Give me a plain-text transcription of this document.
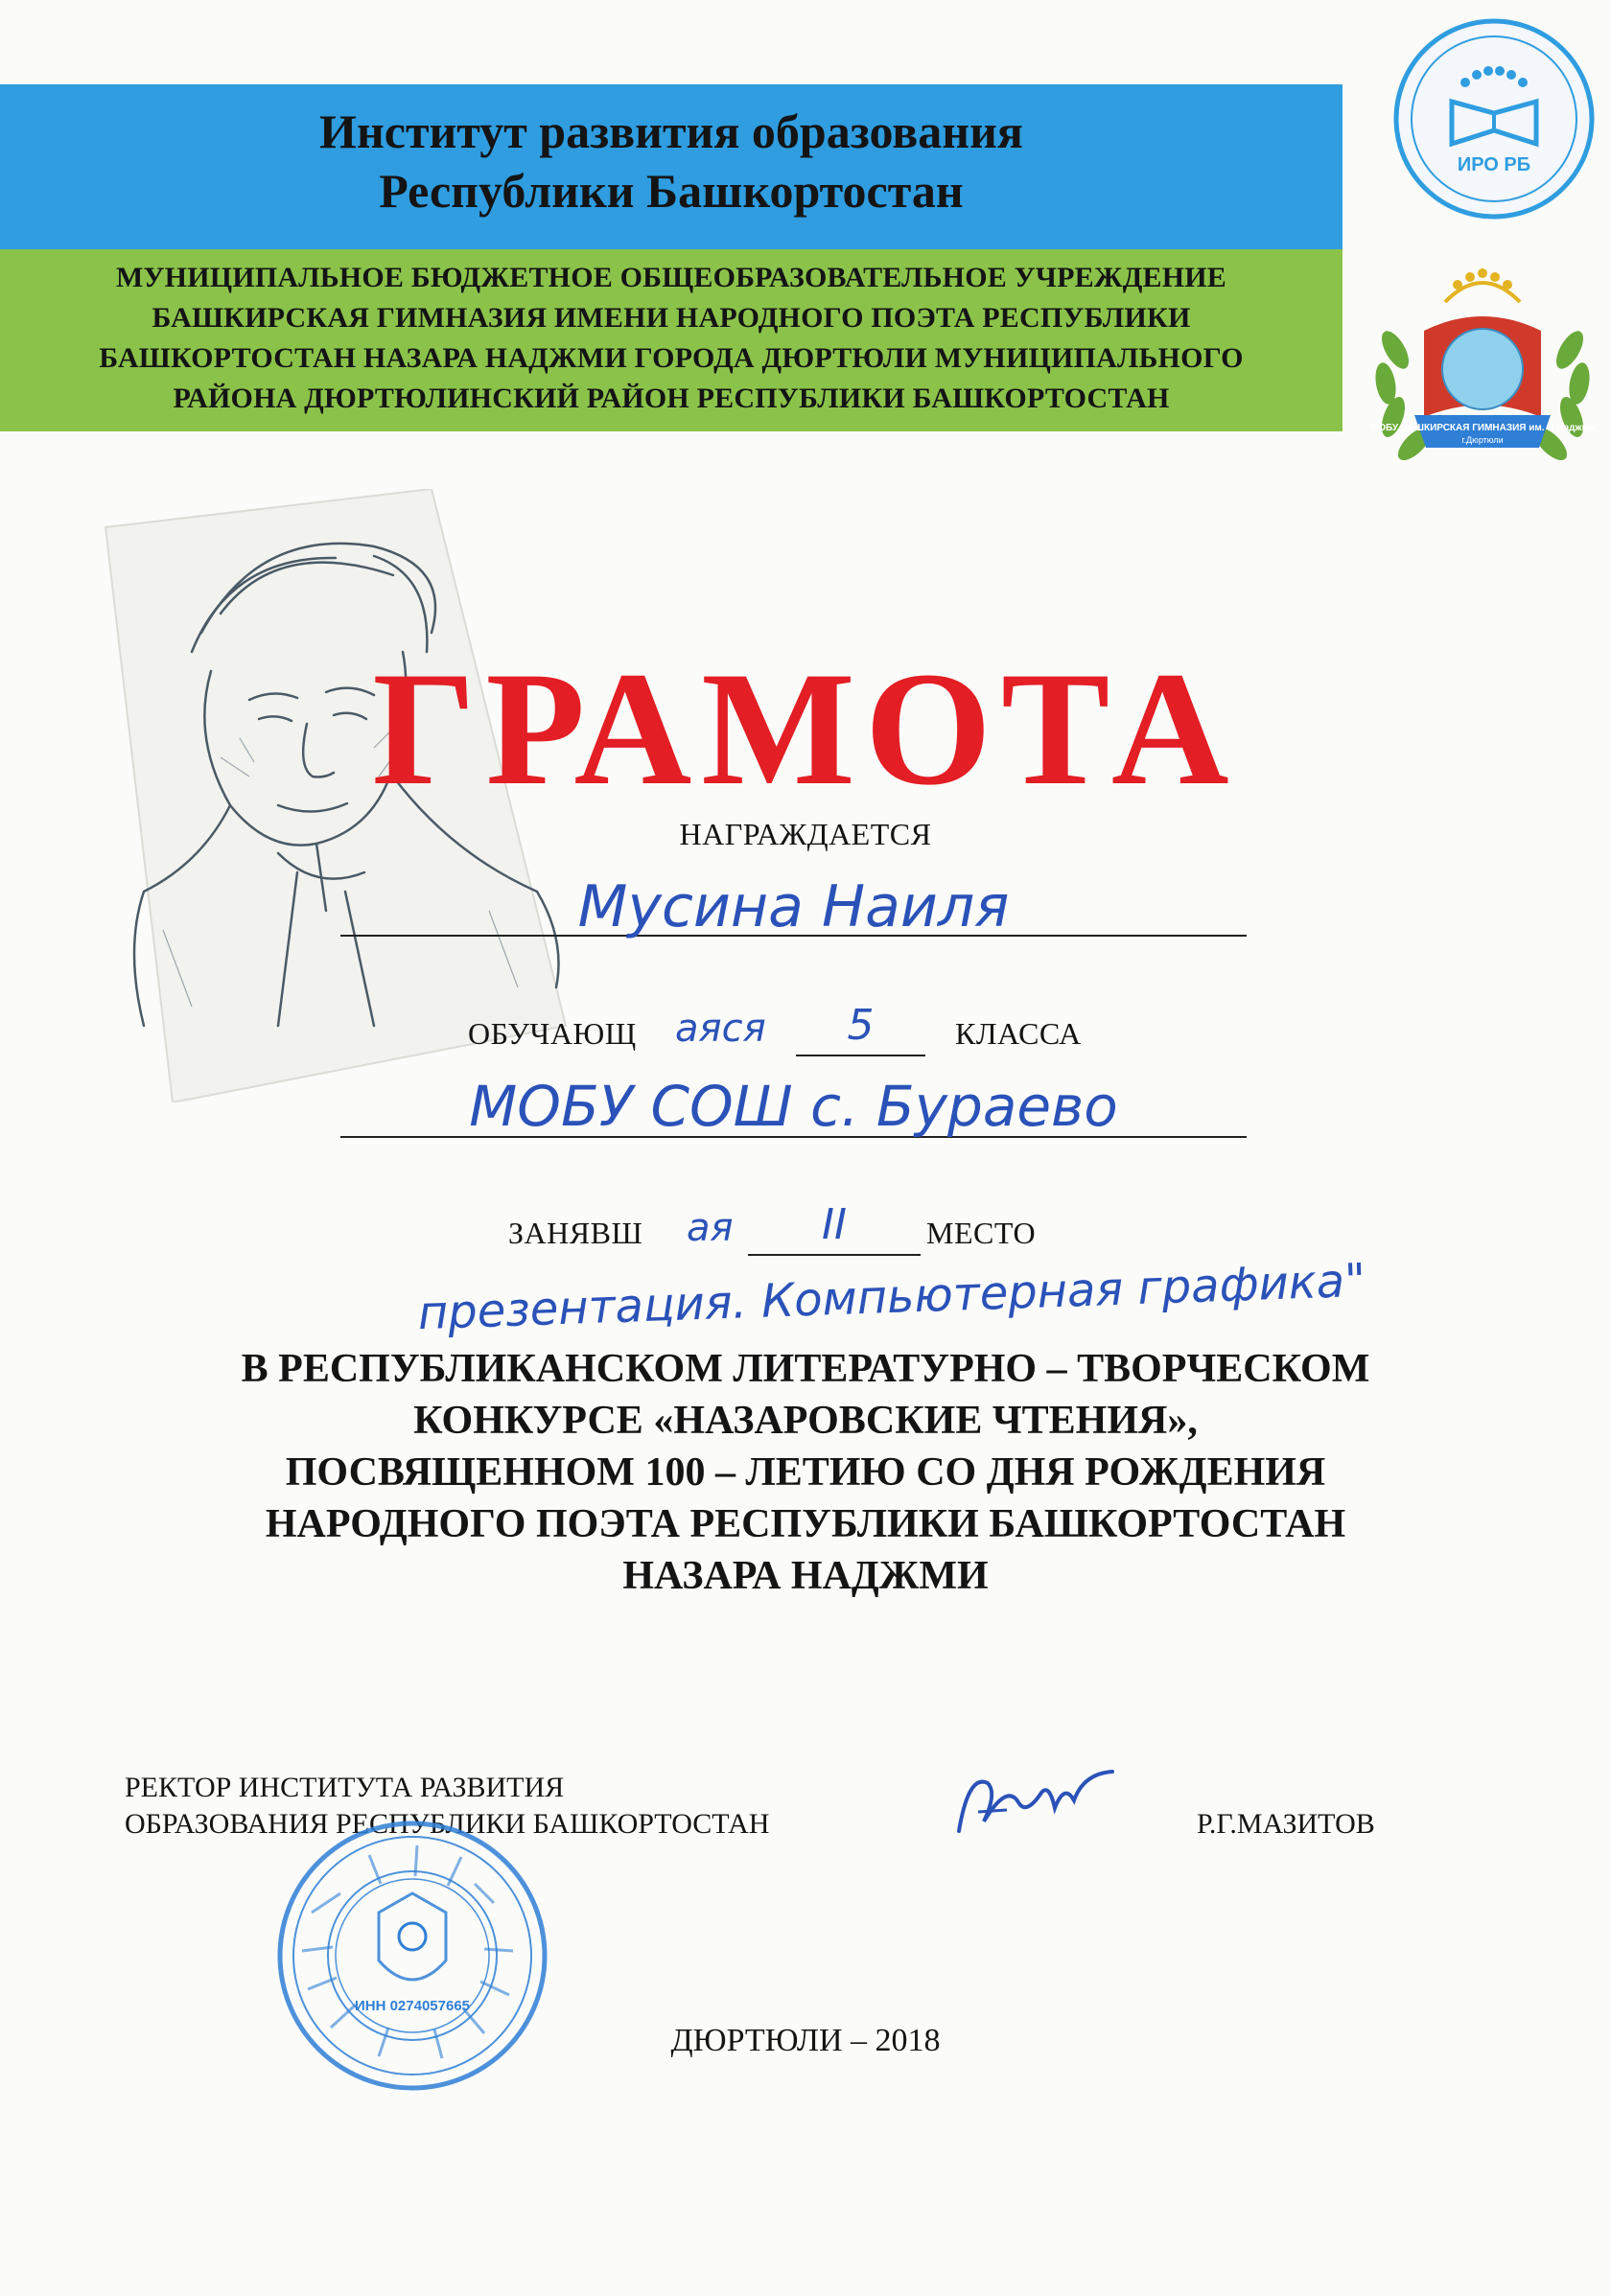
Институт развития образования
Республики Башкортостан
МУНИЦИПАЛЬНОЕ БЮДЖЕТНОЕ ОБЩЕОБРАЗОВАТЕЛЬНОЕ УЧРЕЖДЕНИЕ
БАШКИРСКАЯ ГИМНАЗИЯ ИМЕНИ НАРОДНОГО ПОЭТА РЕСПУБЛИКИ
БАШКОРТОСТАН НАЗАРА НАДЖМИ ГОРОДА ДЮРТЮЛИ МУНИЦИПАЛЬНОГО
РАЙОНА ДЮРТЮЛИНСКИЙ РАЙОН РЕСПУБЛИКИ БАШКОРТОСТАН
ИРО РБ
МОБУ БАШКИРСКАЯ ГИМНАЗИЯ им. Н.Наджми
г.Дюртюли
ГРАМОТА
НАГРАЖДАЕТСЯ
Мусина Наиля
ОБУЧАЮЩ аяся	5	КЛАССА
МОБУ СОШ с. Бураево
ЗАНЯВШ ая	II	МЕСТО
презентация. Компьютерная графика"
В РЕСПУБЛИКАНСКОМ ЛИТЕРАТУРНО – ТВОРЧЕСКОМ
КОНКУРСЕ «НАЗАРОВСКИЕ ЧТЕНИЯ»,
ПОСВЯЩЕННОМ 100 – ЛЕТИЮ СО ДНЯ РОЖДЕНИЯ
НАРОДНОГО ПОЭТА РЕСПУБЛИКИ БАШКОРТОСТАН
НАЗАРА НАДЖМИ
РЕКТОР ИНСТИТУТА РАЗВИТИЯ
ОБРАЗОВАНИЯ РЕСПУБЛИКИ БАШКОРТОСТАН	Р.Г.МАЗИТОВ
ИНН 0274057665
ДЮРТЮЛИ – 2018
